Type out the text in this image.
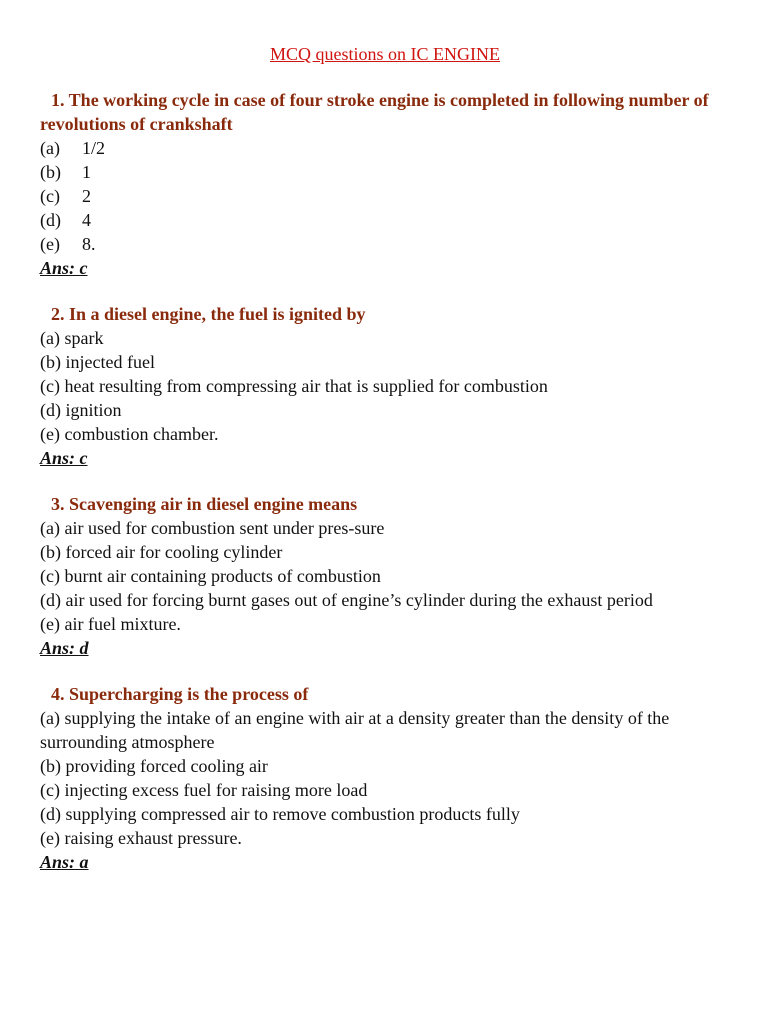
MCQ questions on IC ENGINE

1. The working cycle in case of four stroke engine is completed in following number of revolutions of crankshaft

(a) 1/2

(b) 1

(c) 2

(d) 4

(e) 8.

Ans: c

2. In a diesel engine, the fuel is ignited by

(a) spark

(b) injected fuel

(c) heat resulting from compressing air that is supplied for combustion

(d) ignition

(e) combustion chamber.

Ans: c

3. Scavenging air in diesel engine means

(a) air used for combustion sent under pres-sure

(b) forced air for cooling cylinder

(c) burnt air containing products of combustion

(d) air used for forcing burnt gases out of engine’s cylinder during the exhaust period

(e) air fuel mixture.

Ans: d

4. Supercharging is the process of

(a) supplying the intake of an engine with air at a density greater than the density of the surrounding atmosphere

(b) providing forced cooling air

(c) injecting excess fuel for raising more load

(d) supplying compressed air to remove combustion products fully

(e) raising exhaust pressure.

Ans: a
